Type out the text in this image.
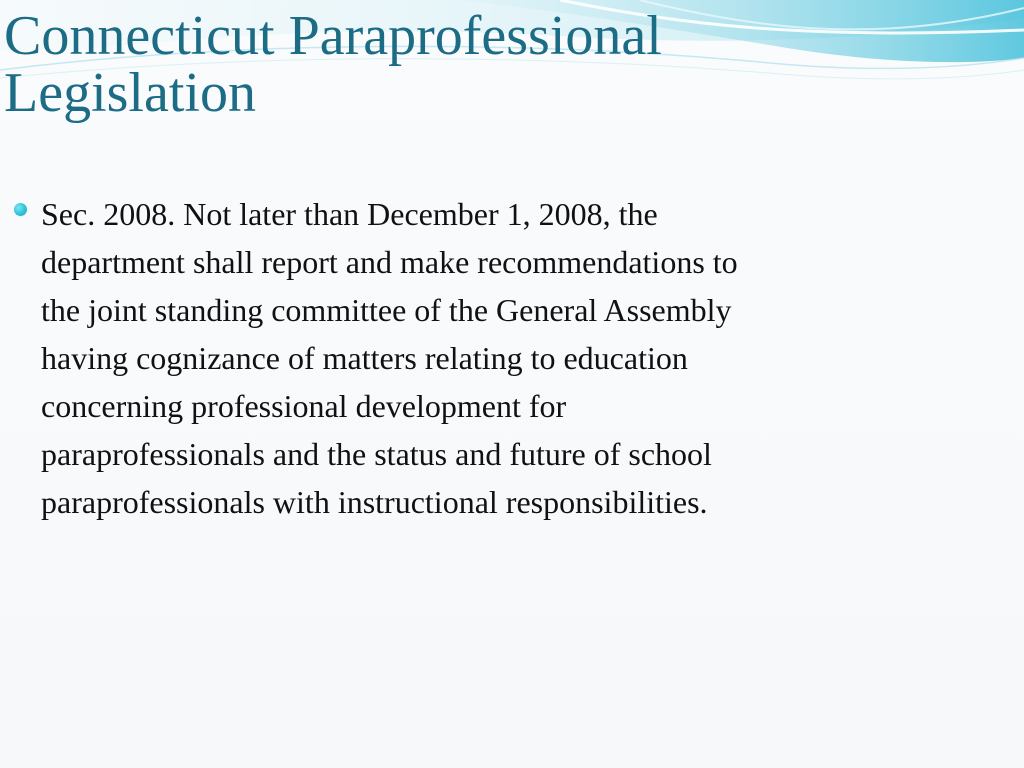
Connecticut Paraprofessional
Legislation

Sec. 2008. Not later than December 1, 2008, the
department shall report and make recommendations to
the joint standing committee of the General Assembly
having cognizance of matters relating to education
concerning professional development for
paraprofessionals and the status and future of school
paraprofessionals with instructional responsibilities.
